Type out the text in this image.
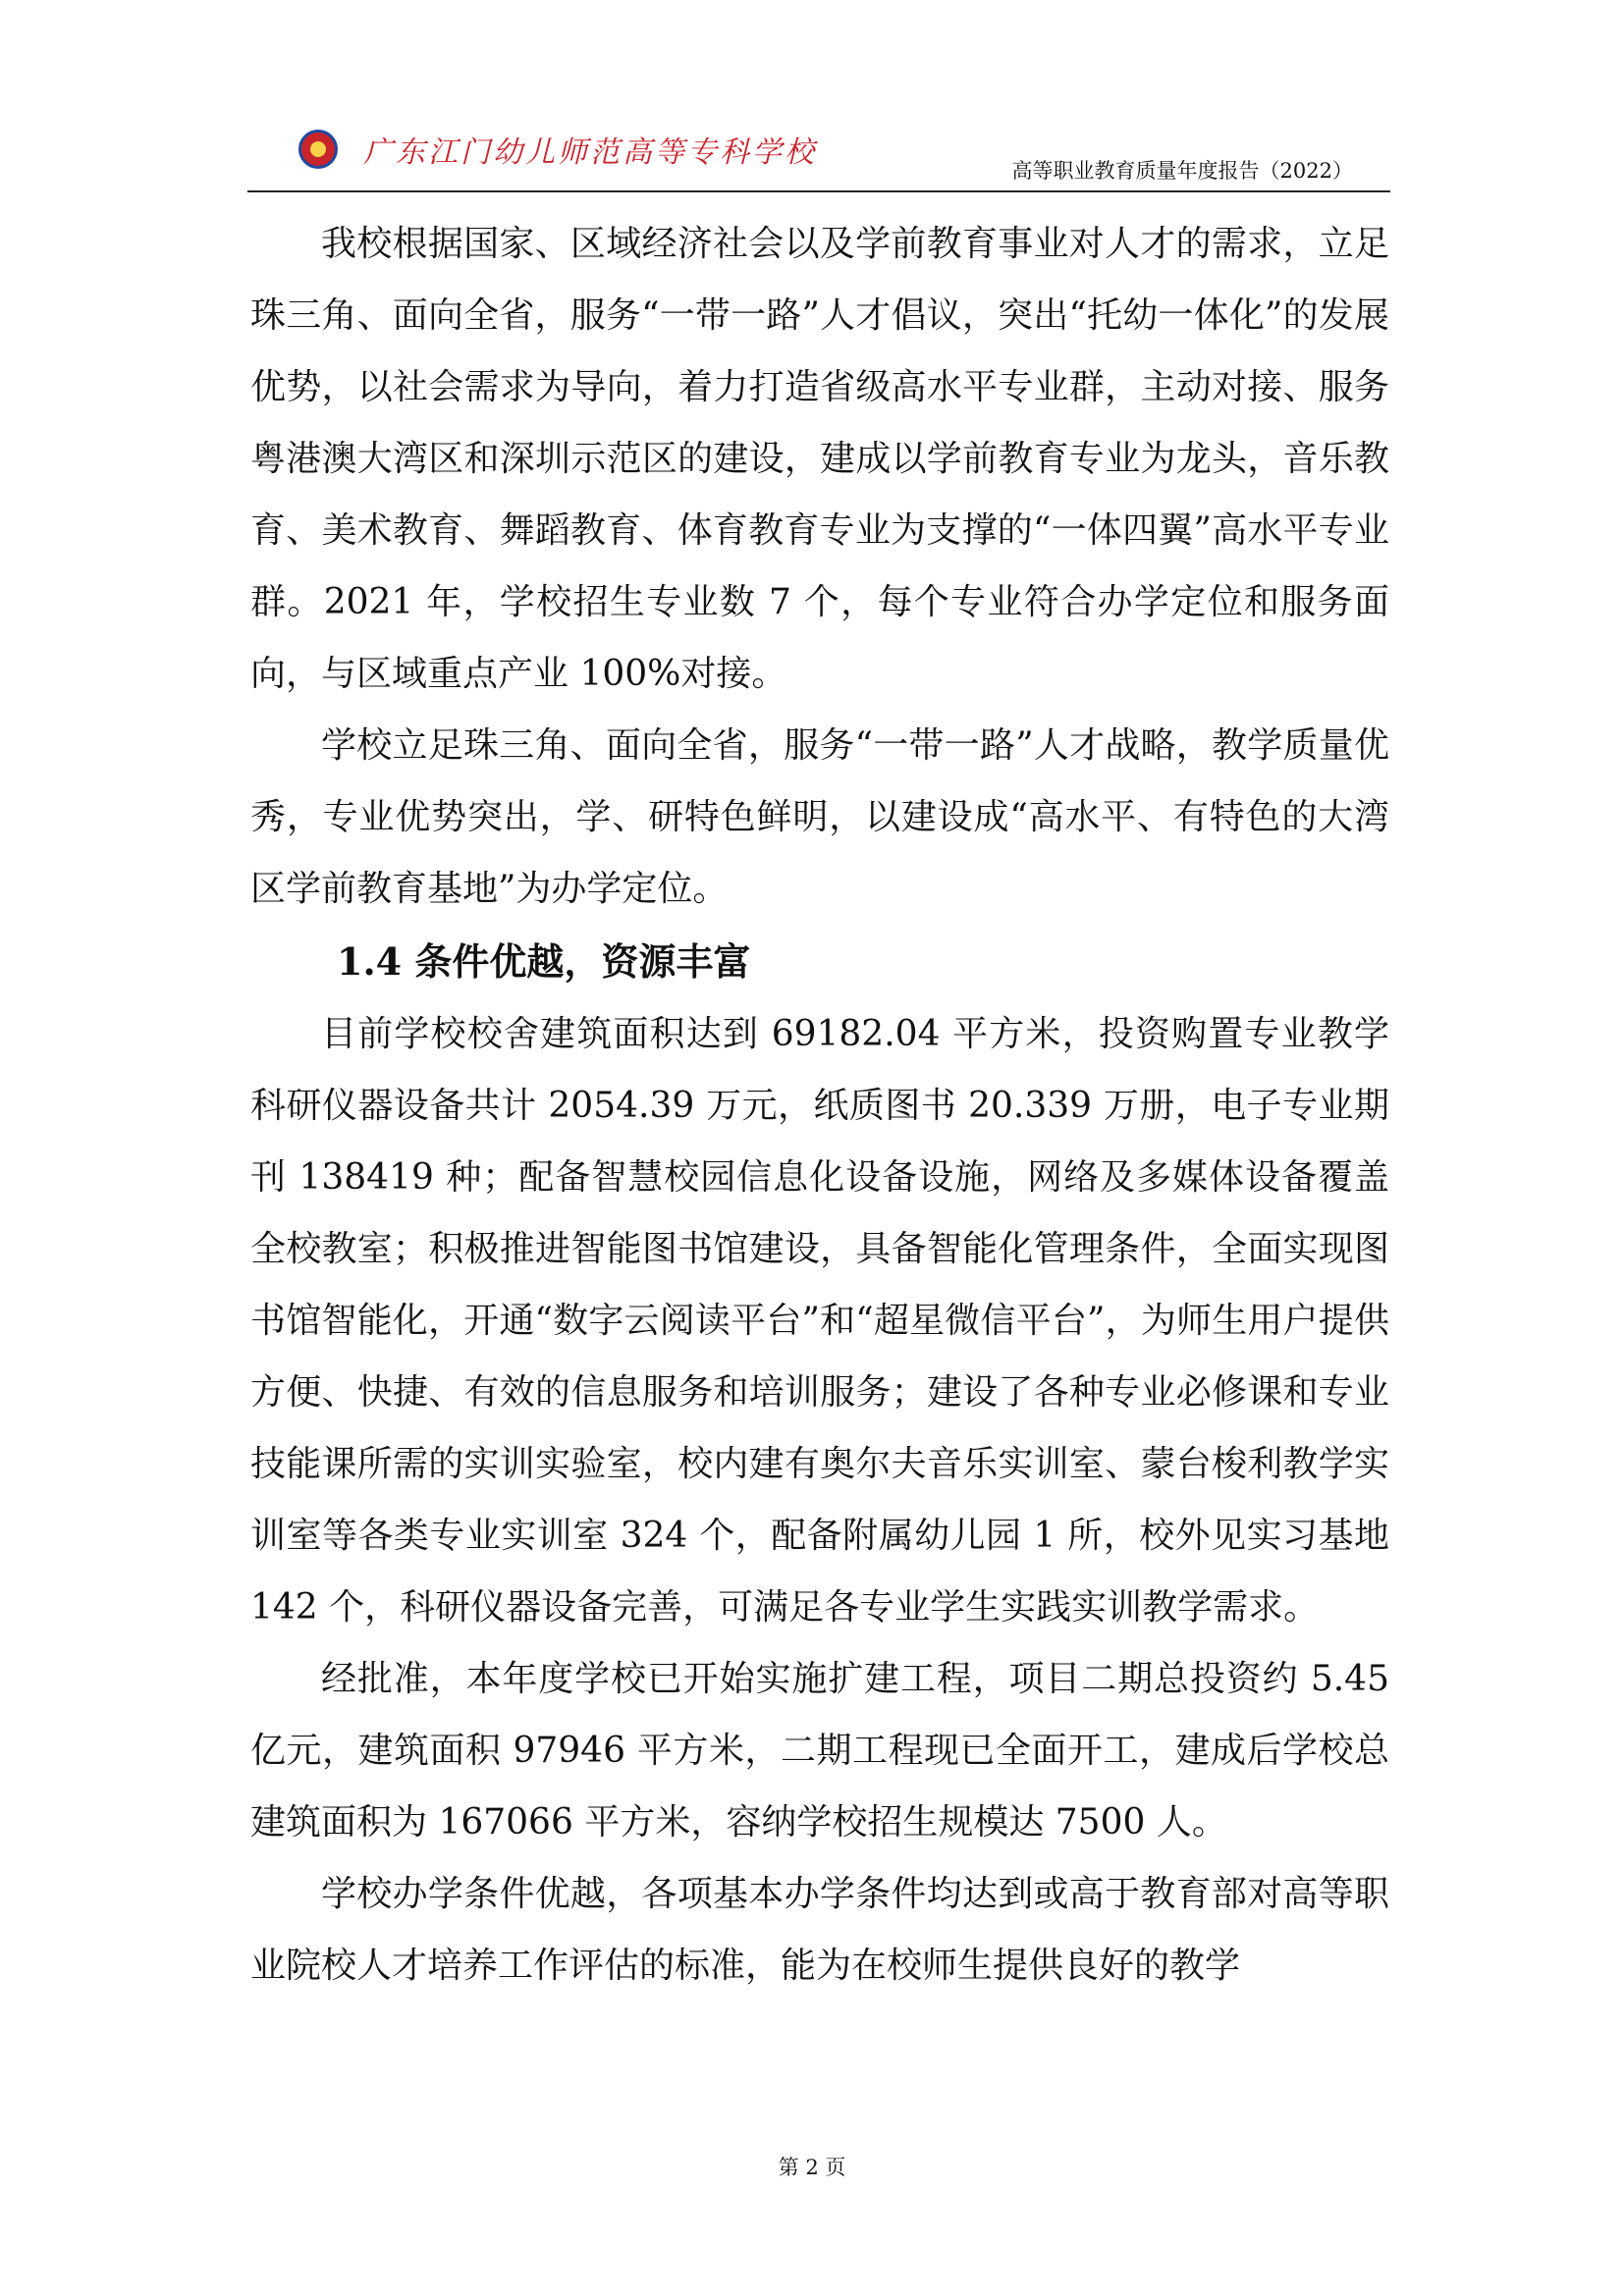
广东江门幼儿师范高等专科学校
高等职业教育质量年度报告（2022）

我校根据国家、区域经济社会以及学前教育事业对人才的需求，立足珠三角、面向全省，服务“一带一路”人才倡议，突出“托幼一体化”的发展优势，以社会需求为导向，着力打造省级高水平专业群，主动对接、服务粤港澳大湾区和深圳示范区的建设，建成以学前教育专业为龙头，音乐教育、美术教育、舞蹈教育、体育教育专业为支撑的“一体四翼”高水平专业群。2021 年，学校招生专业数 7 个，每个专业符合办学定位和服务面向，与区域重点产业 100%对接。

学校立足珠三角、面向全省，服务“一带一路”人才战略，教学质量优秀，专业优势突出，学、研特色鲜明，以建设成“高水平、有特色的大湾区学前教育基地”为办学定位。

1.4 条件优越，资源丰富

目前学校校舍建筑面积达到 69182.04 平方米，投资购置专业教学科研仪器设备共计 2054.39 万元，纸质图书 20.339 万册，电子专业期刊 138419 种；配备智慧校园信息化设备设施，网络及多媒体设备覆盖全校教室；积极推进智能图书馆建设，具备智能化管理条件，全面实现图书馆智能化，开通“数字云阅读平台”和“超星微信平台”，为师生用户提供方便、快捷、有效的信息服务和培训服务；建设了各种专业必修课和专业技能课所需的实训实验室，校内建有奥尔夫音乐实训室、蒙台梭利教学实训室等各类专业实训室 324 个，配备附属幼儿园 1 所，校外见实习基地 142 个，科研仪器设备完善，可满足各专业学生实践实训教学需求。

经批准，本年度学校已开始实施扩建工程，项目二期总投资约 5.45 亿元，建筑面积 97946 平方米，二期工程现已全面开工，建成后学校总建筑面积为 167066 平方米，容纳学校招生规模达 7500 人。

学校办学条件优越，各项基本办学条件均达到或高于教育部对高等职业院校人才培养工作评估的标准，能为在校师生提供良好的教学

第 2 页
